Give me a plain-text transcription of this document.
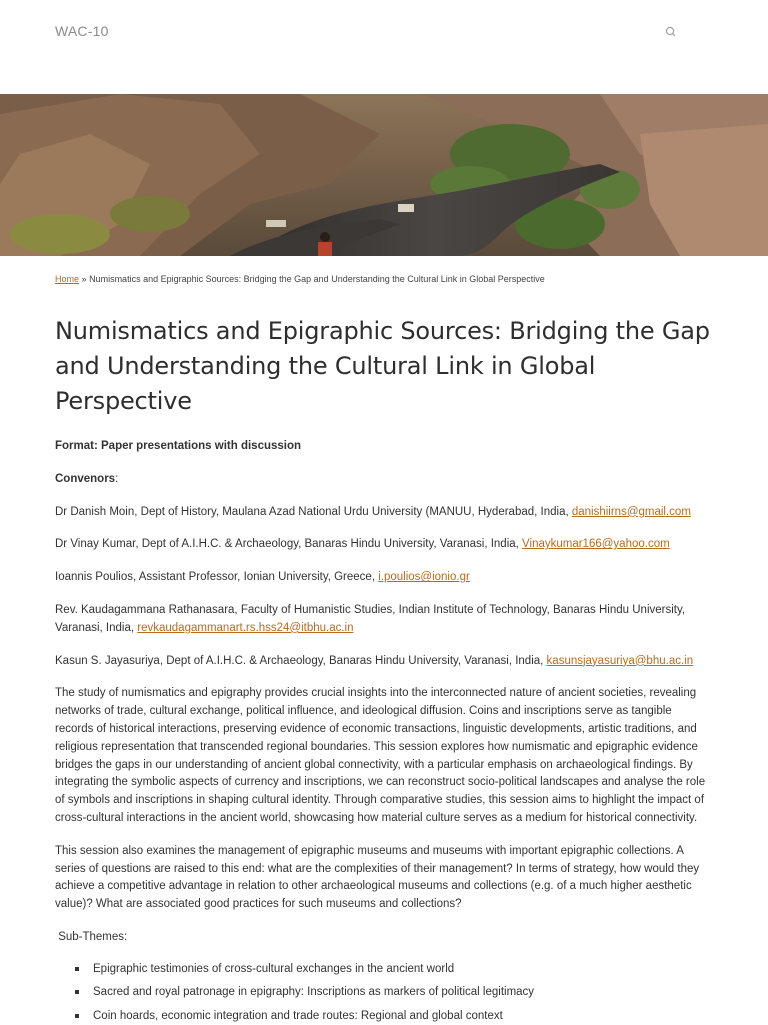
WAC-10
Home » Numismatics and Epigraphic Sources: Bridging the Gap and Understanding the Cultural Link in Global Perspective
Numismatics and Epigraphic Sources: Bridging the Gap and Understanding the Cultural Link in Global Perspective

Format: Paper presentations with discussion

Convenors:

Dr Danish Moin, Dept of History, Maulana Azad National Urdu University (MANUU, Hyderabad, India, danishiirns@gmail.com

Dr Vinay Kumar, Dept of A.I.H.C. & Archaeology, Banaras Hindu University, Varanasi, India, Vinaykumar166@yahoo.com

Ioannis Poulios, Assistant Professor, Ionian University, Greece, i.poulios@ionio.gr

Rev. Kaudagammana Rathanasara, Faculty of Humanistic Studies, Indian Institute of Technology, Banaras Hindu University, Varanasi, India, revkaudagammanart.rs.hss24@itbhu.ac.in

Kasun S. Jayasuriya, Dept of A.I.H.C. & Archaeology, Banaras Hindu University, Varanasi, India, kasunsjayasuriya@bhu.ac.in

The study of numismatics and epigraphy provides crucial insights into the interconnected nature of ancient societies, revealing networks of trade, cultural exchange, political influence, and ideological diffusion. Coins and inscriptions serve as tangible records of historical interactions, preserving evidence of economic transactions, linguistic developments, artistic traditions, and religious representation that transcended regional boundaries. This session explores how numismatic and epigraphic evidence bridges the gaps in our understanding of ancient global connectivity, with a particular emphasis on archaeological findings. By integrating the symbolic aspects of currency and inscriptions, we can reconstruct socio-political landscapes and analyse the role of symbols and inscriptions in shaping cultural identity. Through comparative studies, this session aims to highlight the impact of cross-cultural interactions in the ancient world, showcasing how material culture serves as a medium for historical connectivity.

This session also examines the management of epigraphic museums and museums with important epigraphic collections. A series of questions are raised to this end: what are the complexities of their management? In terms of strategy, how would they achieve a competitive advantage in relation to other archaeological museums and collections (e.g. of a much higher aesthetic value)? What are associated good practices for such museums and collections?

Sub-Themes:

Epigraphic testimonies of cross-cultural exchanges in the ancient world
Sacred and royal patronage in epigraphy: Inscriptions as markers of political legitimacy
Coin hoards, economic integration and trade routes: Regional and global context
